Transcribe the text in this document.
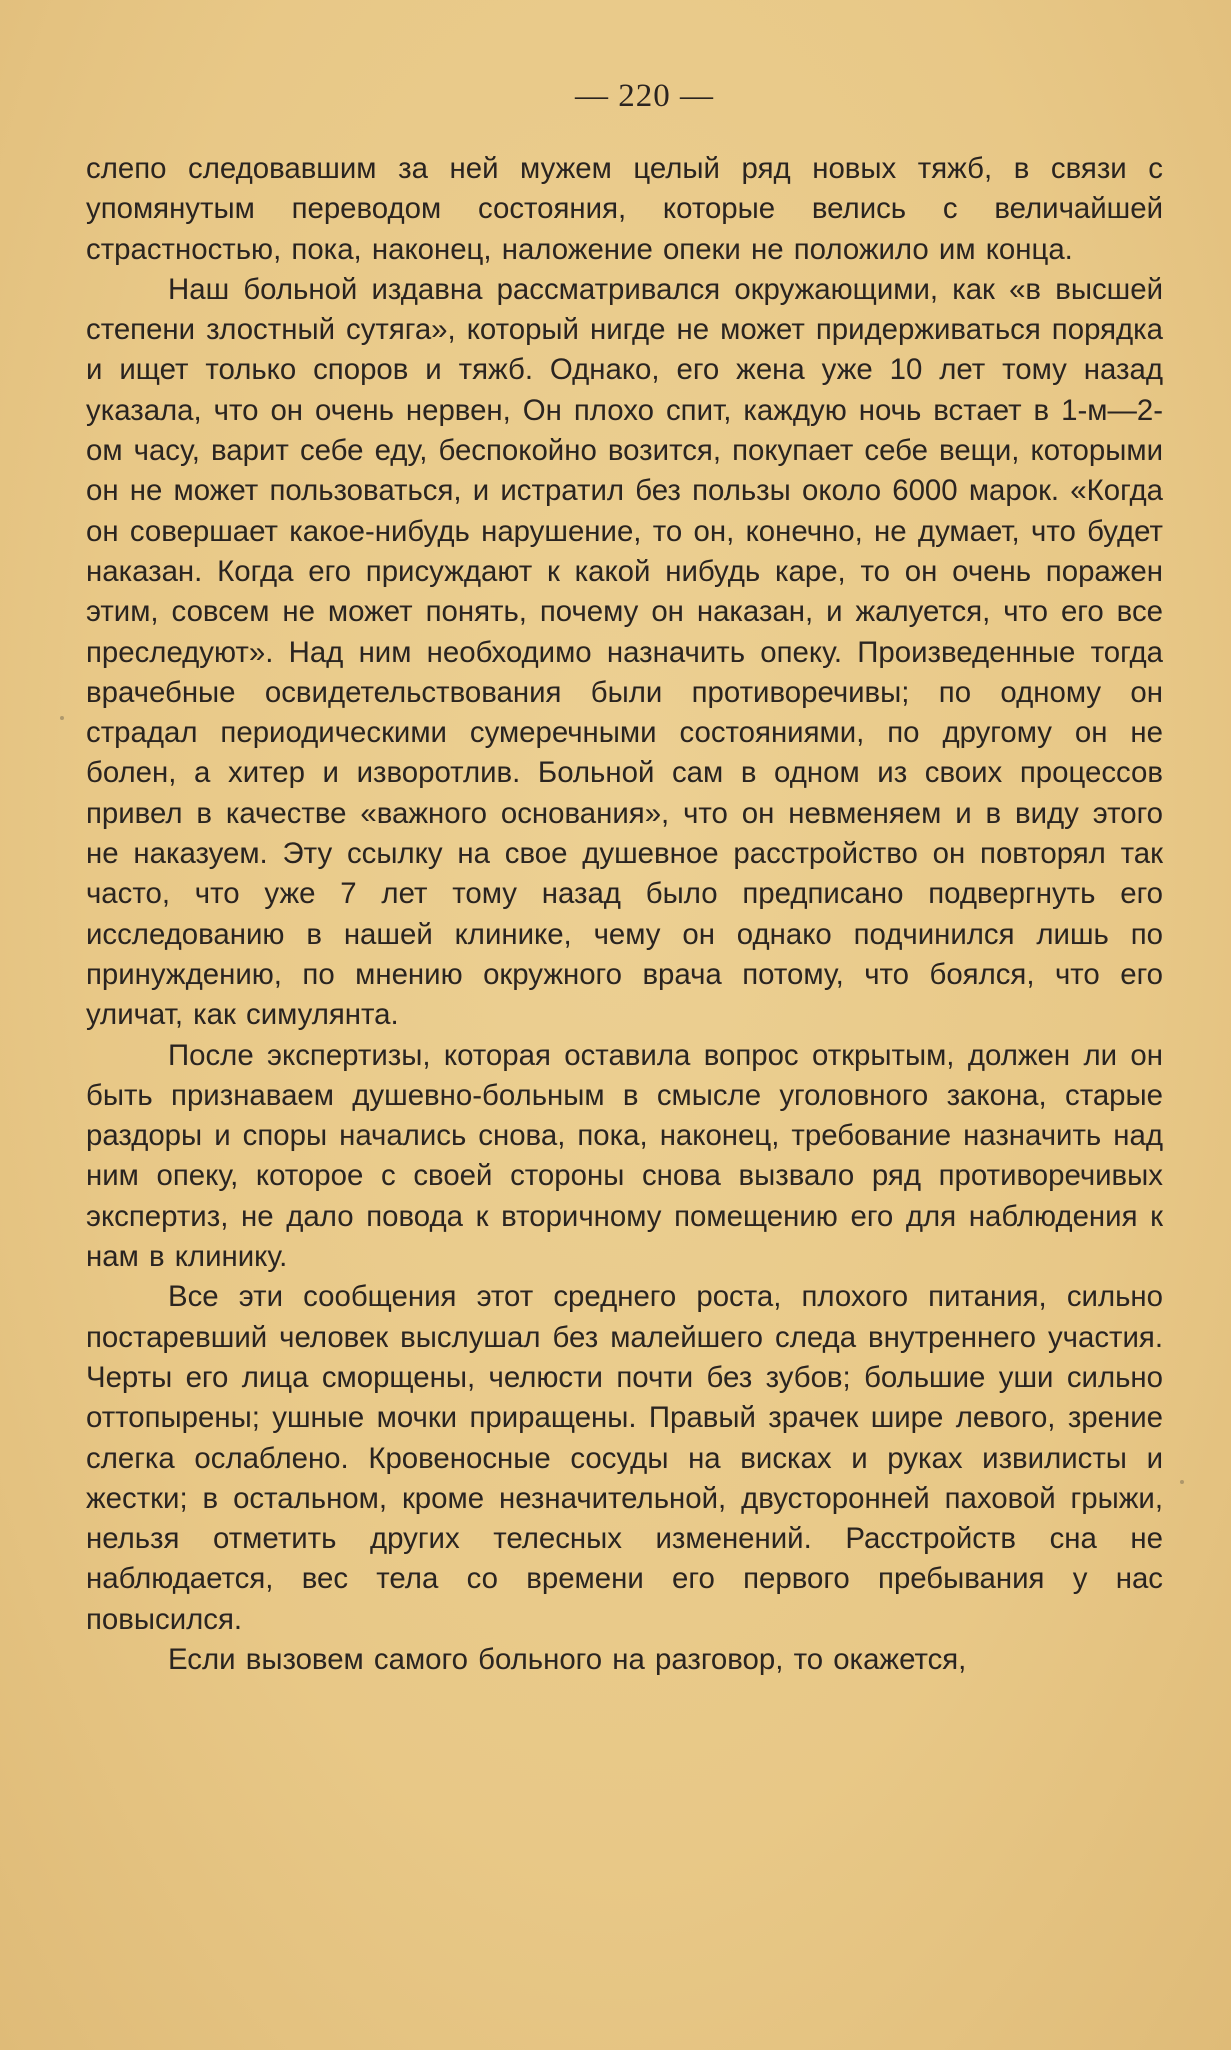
— 220 —

слепо следовавшим за ней мужем целый ряд новых тяжб, в связи с упомянутым переводом состояния, которые велись с величайшей страстностью, пока, наконец, наложение опеки не положило им конца.

Наш больной издавна рассматривался окружающими, как «в высшей степени злостный сутяга», который нигде не может придерживаться порядка и ищет только споров и тяжб. Однако, его жена уже 10 лет тому назад указала, что он очень нервен, Он плохо спит, каждую ночь встает в 1-м—2-ом часу, варит себе еду, беспокойно возится, покупает себе вещи, которыми он не может пользоваться, и истратил без пользы около 6000 марок. «Когда он совершает какое-нибудь нарушение, то он, конечно, не думает, что будет наказан. Когда его присуждают к какой нибудь каре, то он очень поражен этим, совсем не может понять, почему он наказан, и жалуется, что его все преследуют». Над ним необходимо назначить опеку. Произведенные тогда врачебные освидетельствования были противоречивы; по одному он страдал периодическими сумеречными состояниями, по другому он не болен, а хитер и изворотлив. Больной сам в одном из своих процессов привел в качестве «важного основания», что он невменяем и в виду этого не наказуем. Эту ссылку на свое душевное расстройство он повторял так часто, что уже 7 лет тому назад было предписано подвергнуть его исследованию в нашей клинике, чему он однако подчинился лишь по принуждению, по мнению окружного врача потому, что боялся, что его уличат, как симулянта.

После экспертизы, которая оставила вопрос открытым, должен ли он быть признаваем душевно-больным в смысле уголовного закона, старые раздоры и споры начались снова, пока, наконец, требование назначить над ним опеку, которое с своей стороны снова вызвало ряд противоречивых экспертиз, не дало повода к вторичному помещению его для наблюдения к нам в клинику.

Все эти сообщения этот среднего роста, плохого питания, сильно постаревший человек выслушал без малейшего следа внутреннего участия. Черты его лица сморщены, челюсти почти без зубов; большие уши сильно оттопырены; ушные мочки приращены. Правый зрачек шире левого, зрение слегка ослаблено. Кровеносные сосуды на висках и руках извилисты и жестки; в остальном, кроме незначительной, двусторонней паховой грыжи, нельзя отметить других телесных изменений. Расстройств сна не наблюдается, вес тела со времени его первого пребывания у нас повысился.

Если вызовем самого больного на разговор, то окажется,
